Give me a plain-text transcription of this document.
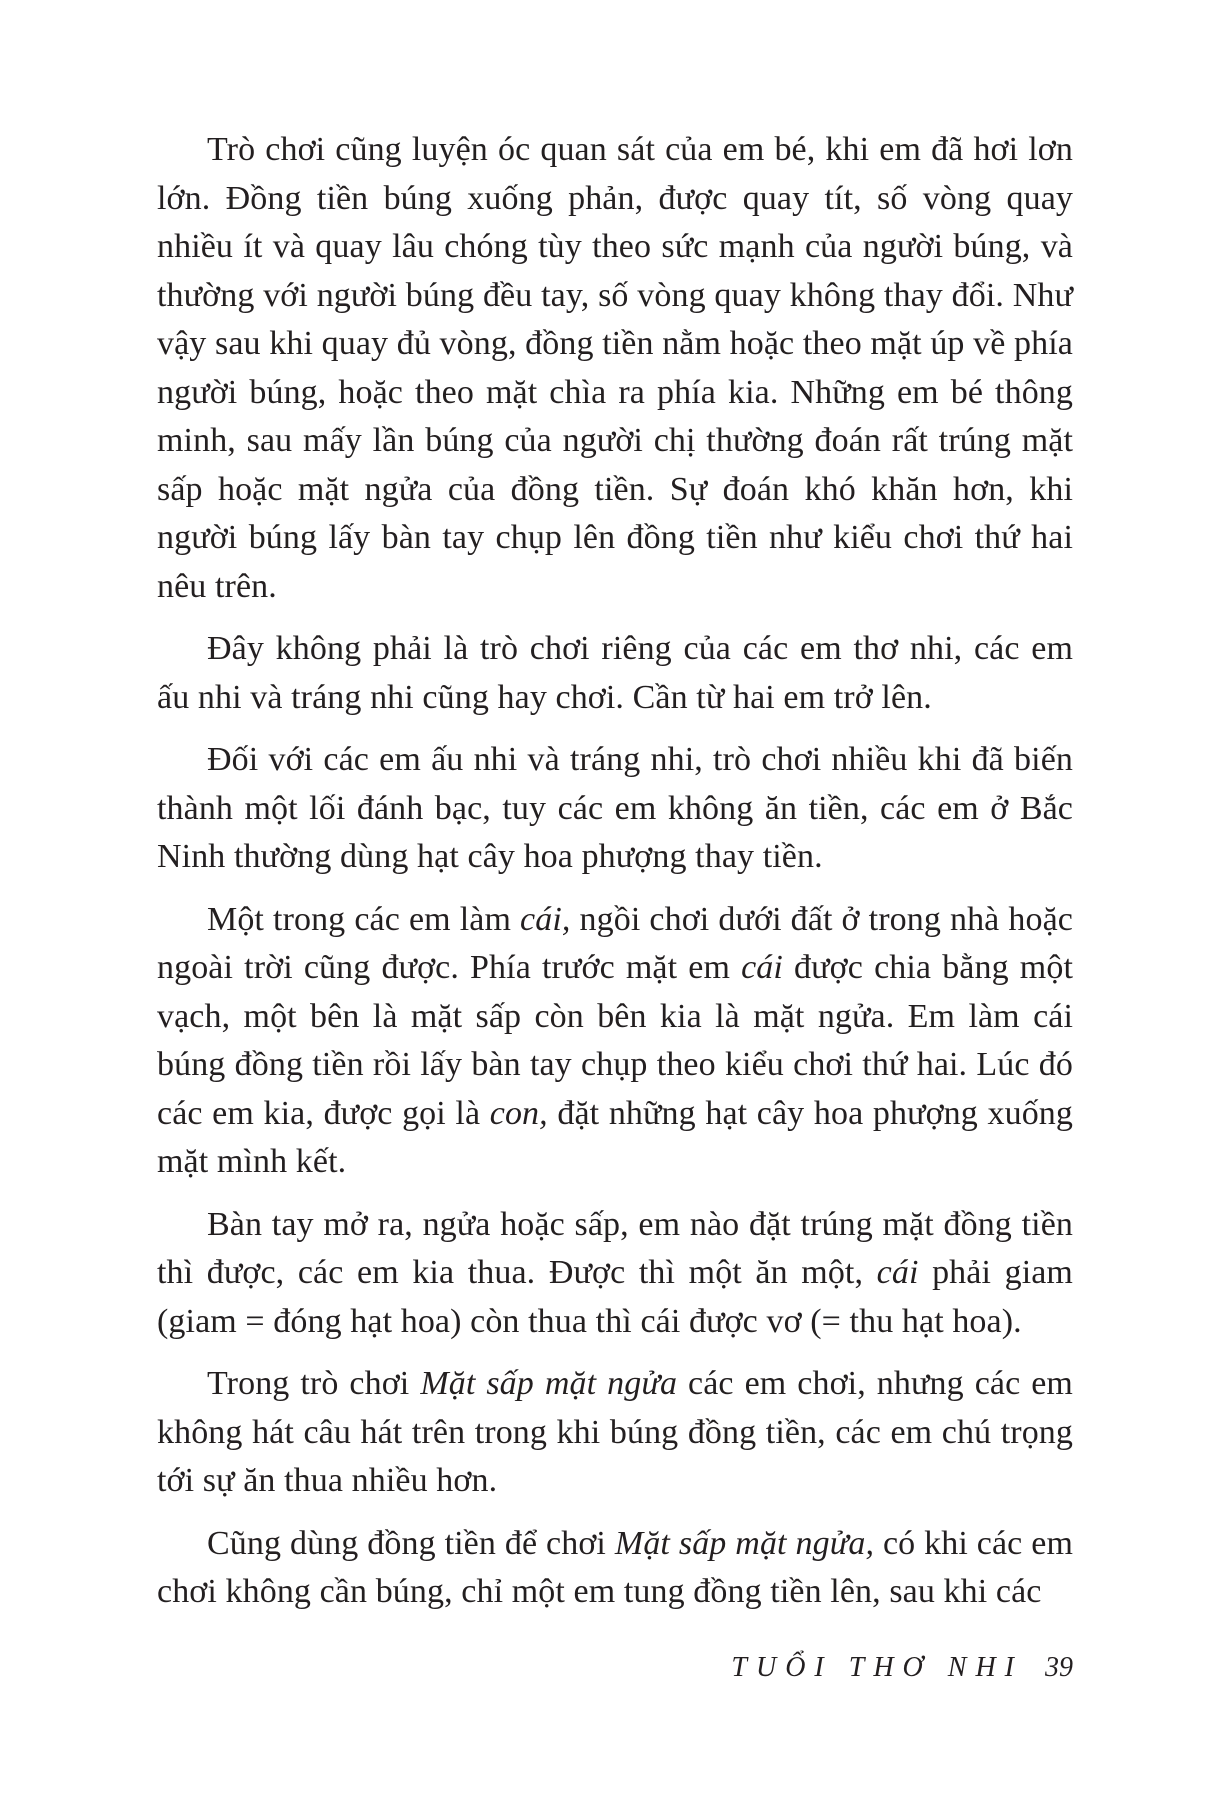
Trò chơi cũng luyện óc quan sát của em bé, khi em đã hơi lơn lớn. Đồng tiền búng xuống phản, được quay tít, số vòng quay nhiều ít và quay lâu chóng tùy theo sức mạnh của người búng, và thường với người búng đều tay, số vòng quay không thay đổi. Như vậy sau khi quay đủ vòng, đồng tiền nằm hoặc theo mặt úp về phía người búng, hoặc theo mặt chìa ra phía kia. Những em bé thông minh, sau mấy lần búng của người chị thường đoán rất trúng mặt sấp hoặc mặt ngửa của đồng tiền. Sự đoán khó khăn hơn, khi người búng lấy bàn tay chụp lên đồng tiền như kiểu chơi thứ hai nêu trên.

Đây không phải là trò chơi riêng của các em thơ nhi, các em ấu nhi và tráng nhi cũng hay chơi. Cần từ hai em trở lên.

Đối với các em ấu nhi và tráng nhi, trò chơi nhiều khi đã biến thành một lối đánh bạc, tuy các em không ăn tiền, các em ở Bắc Ninh thường dùng hạt cây hoa phượng thay tiền.

Một trong các em làm cái, ngồi chơi dưới đất ở trong nhà hoặc ngoài trời cũng được. Phía trước mặt em cái được chia bằng một vạch, một bên là mặt sấp còn bên kia là mặt ngửa. Em làm cái búng đồng tiền rồi lấy bàn tay chụp theo kiểu chơi thứ hai. Lúc đó các em kia, được gọi là con, đặt những hạt cây hoa phượng xuống mặt mình kết.

Bàn tay mở ra, ngửa hoặc sấp, em nào đặt trúng mặt đồng tiền thì được, các em kia thua. Được thì một ăn một, cái phải giam (giam = đóng hạt hoa) còn thua thì cái được vơ (= thu hạt hoa).

Trong trò chơi Mặt sấp mặt ngửa các em chơi, nhưng các em không hát câu hát trên trong khi búng đồng tiền, các em chú trọng tới sự ăn thua nhiều hơn.

Cũng dùng đồng tiền để chơi Mặt sấp mặt ngửa, có khi các em chơi không cần búng, chỉ một em tung đồng tiền lên, sau khi các

TUỔI THƠ NHI 39
